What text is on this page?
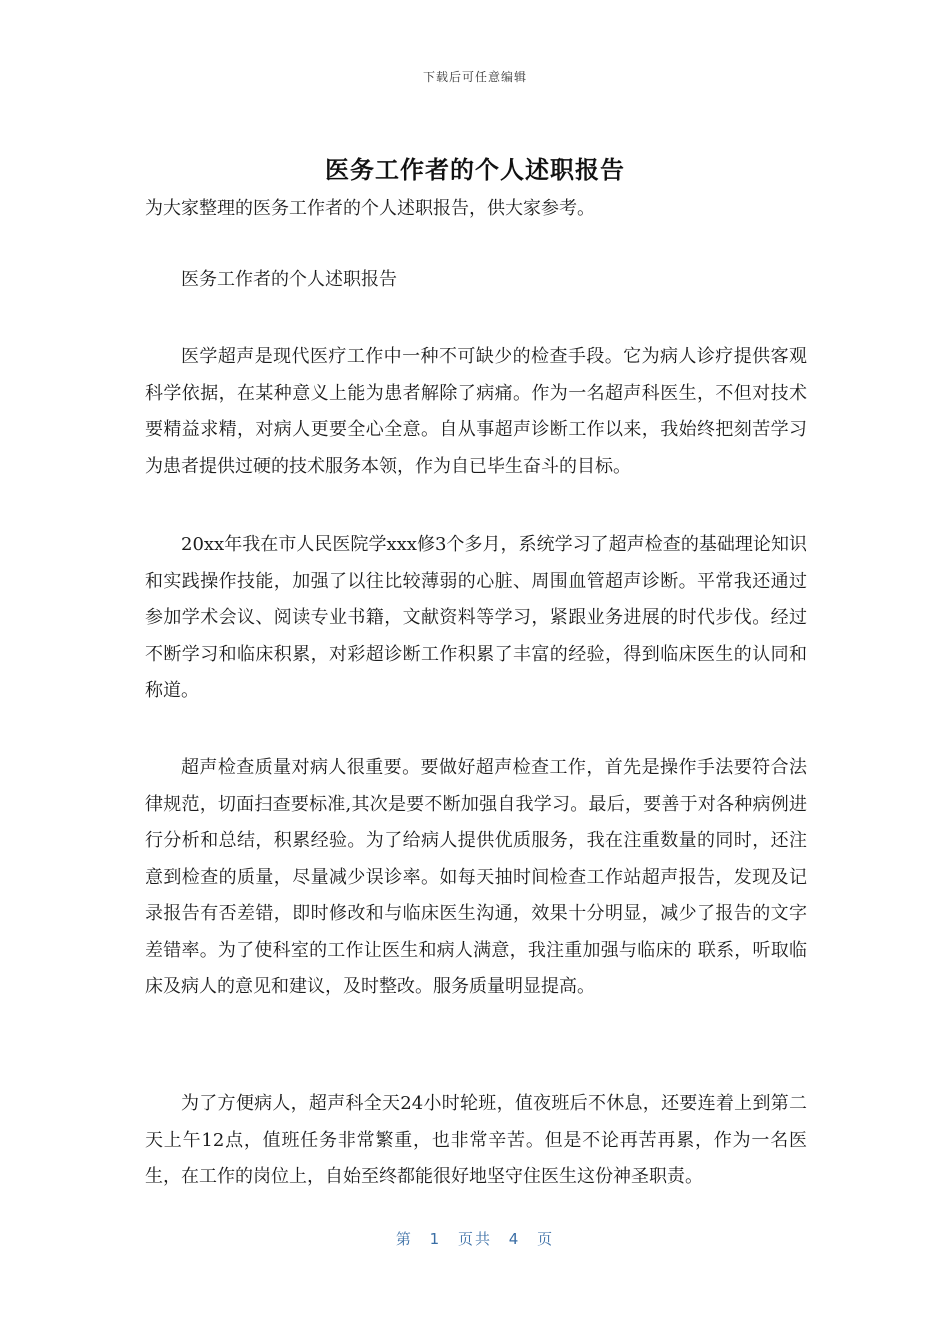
下载后可任意编辑
医务工作者的个人述职报告
为大家整理的医务工作者的个人述职报告，供大家参考。
医务工作者的个人述职报告
医学超声是现代医疗工作中一种不可缺少的检查手段。它为病人诊疗提供客观科学依据，在某种意义上能为患者解除了病痛。作为一名超声科医生，不但对技术要精益求精，对病人更要全心全意。自从事超声诊断工作以来，我始终把刻苦学习为患者提供过硬的技术服务本领，作为自已毕生奋斗的目标。
20xx年我在市人民医院学xxx修3个多月，系统学习了超声检查的基础理论知识和实践操作技能，加强了以往比较薄弱的心脏、周围血管超声诊断。平常我还通过参加学术会议、阅读专业书籍，文献资料等学习，紧跟业务进展的时代步伐。经过不断学习和临床积累，对彩超诊断工作积累了丰富的经验，得到临床医生的认同和称道。
超声检查质量对病人很重要。要做好超声检查工作，首先是操作手法要符合法律规范，切面扫查要标准,其次是要不断加强自我学习。最后，要善于对各种病例进行分析和总结，积累经验。为了给病人提供优质服务，我在注重数量的同时，还注意到检查的质量，尽量减少误诊率。如每天抽时间检查工作站超声报告，发现及记录报告有否差错，即时修改和与临床医生沟通，效果十分明显，减少了报告的文字差错率。为了使科室的工作让医生和病人满意，我注重加强与临床的 联系，听取临床及病人的意见和建议，及时整改。服务质量明显提高。
为了方便病人，超声科全天24小时轮班，值夜班后不休息，还要连着上到第二天上午12点，值班任务非常繁重，也非常辛苦。但是不论再苦再累，作为一名医生，在工作的岗位上，自始至终都能很好地坚守住医生这份神圣职责。
第 1 页共 4 页
